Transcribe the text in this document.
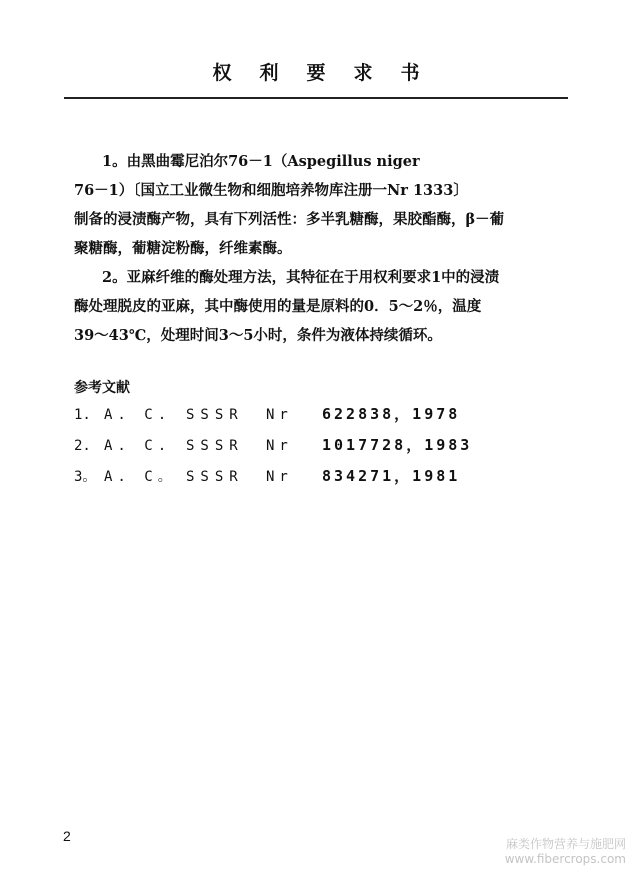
权利要求书

1。由黑曲霉尼泊尔76－1（Aspegillus niger
76－1）〔国立工业微生物和细胞培养物库注册一Nr 1333〕
制备的浸渍酶产物，具有下列活性：多半乳糖酶，果胶酯酶，β－葡
聚糖酶，葡糖淀粉酶，纤维素酶。

2。亚麻纤维的酶处理方法，其特征在于用权利要求1中的浸渍
酶处理脱皮的亚麻，其中酶使用的量是原料的0．5～2％，温度
39～43℃，处理时间3～5小时，条件为液体持续循环。

参考文献
1. A. C.	SSSR	Nr	622838，1978
2. A. C.	SSSR	Nr	1017728，1983
3。 A. C。 SSSR	Nr	834271，1981
2	麻类作物营养与施肥网
www.fibercrops.com
